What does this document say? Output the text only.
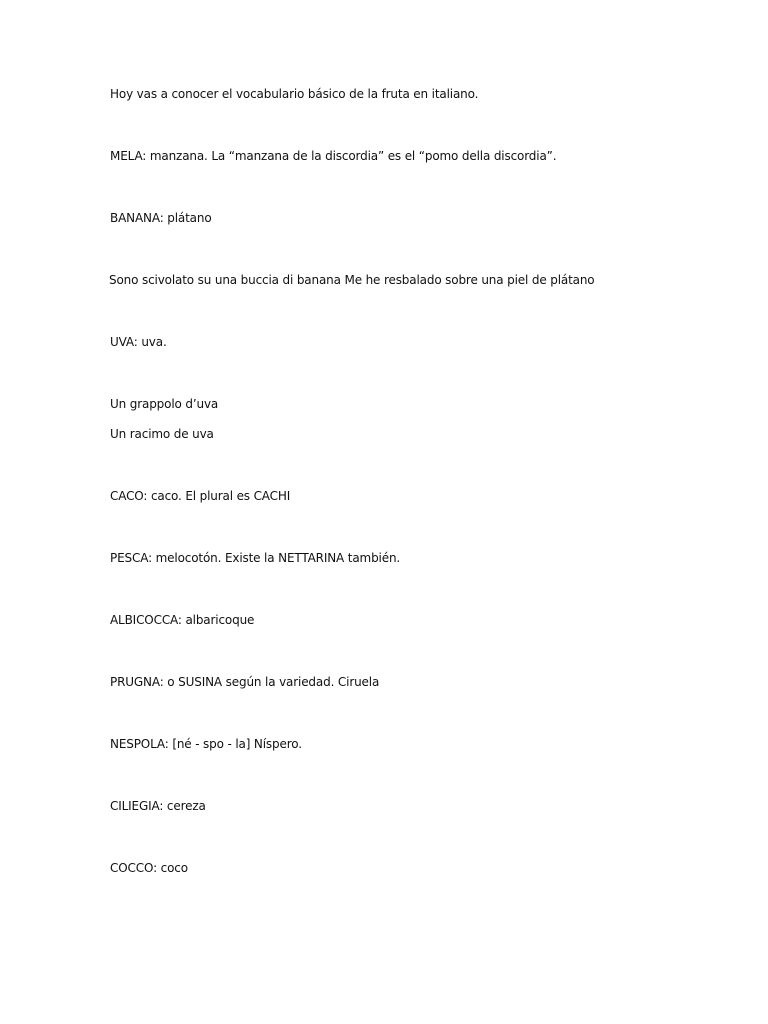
Hoy vas a conocer el vocabulario básico de la fruta en italiano.
MELA: manzana. La “manzana de la discordia” es el “pomo della discordia”.
BANANA: plátano
Sono scivolato su una buccia di banana Me he resbalado sobre una piel de plátano
UVA: uva.
Un grappolo d’uva
Un racimo de uva
CACO: caco. El plural es CACHI
PESCA: melocotón. Existe la NETTARINA también.
ALBICOCCA: albaricoque
PRUGNA: o SUSINA según la variedad. Ciruela
NESPOLA: [né - spo - la] Níspero.
CILIEGIA: cereza
COCCO: coco
